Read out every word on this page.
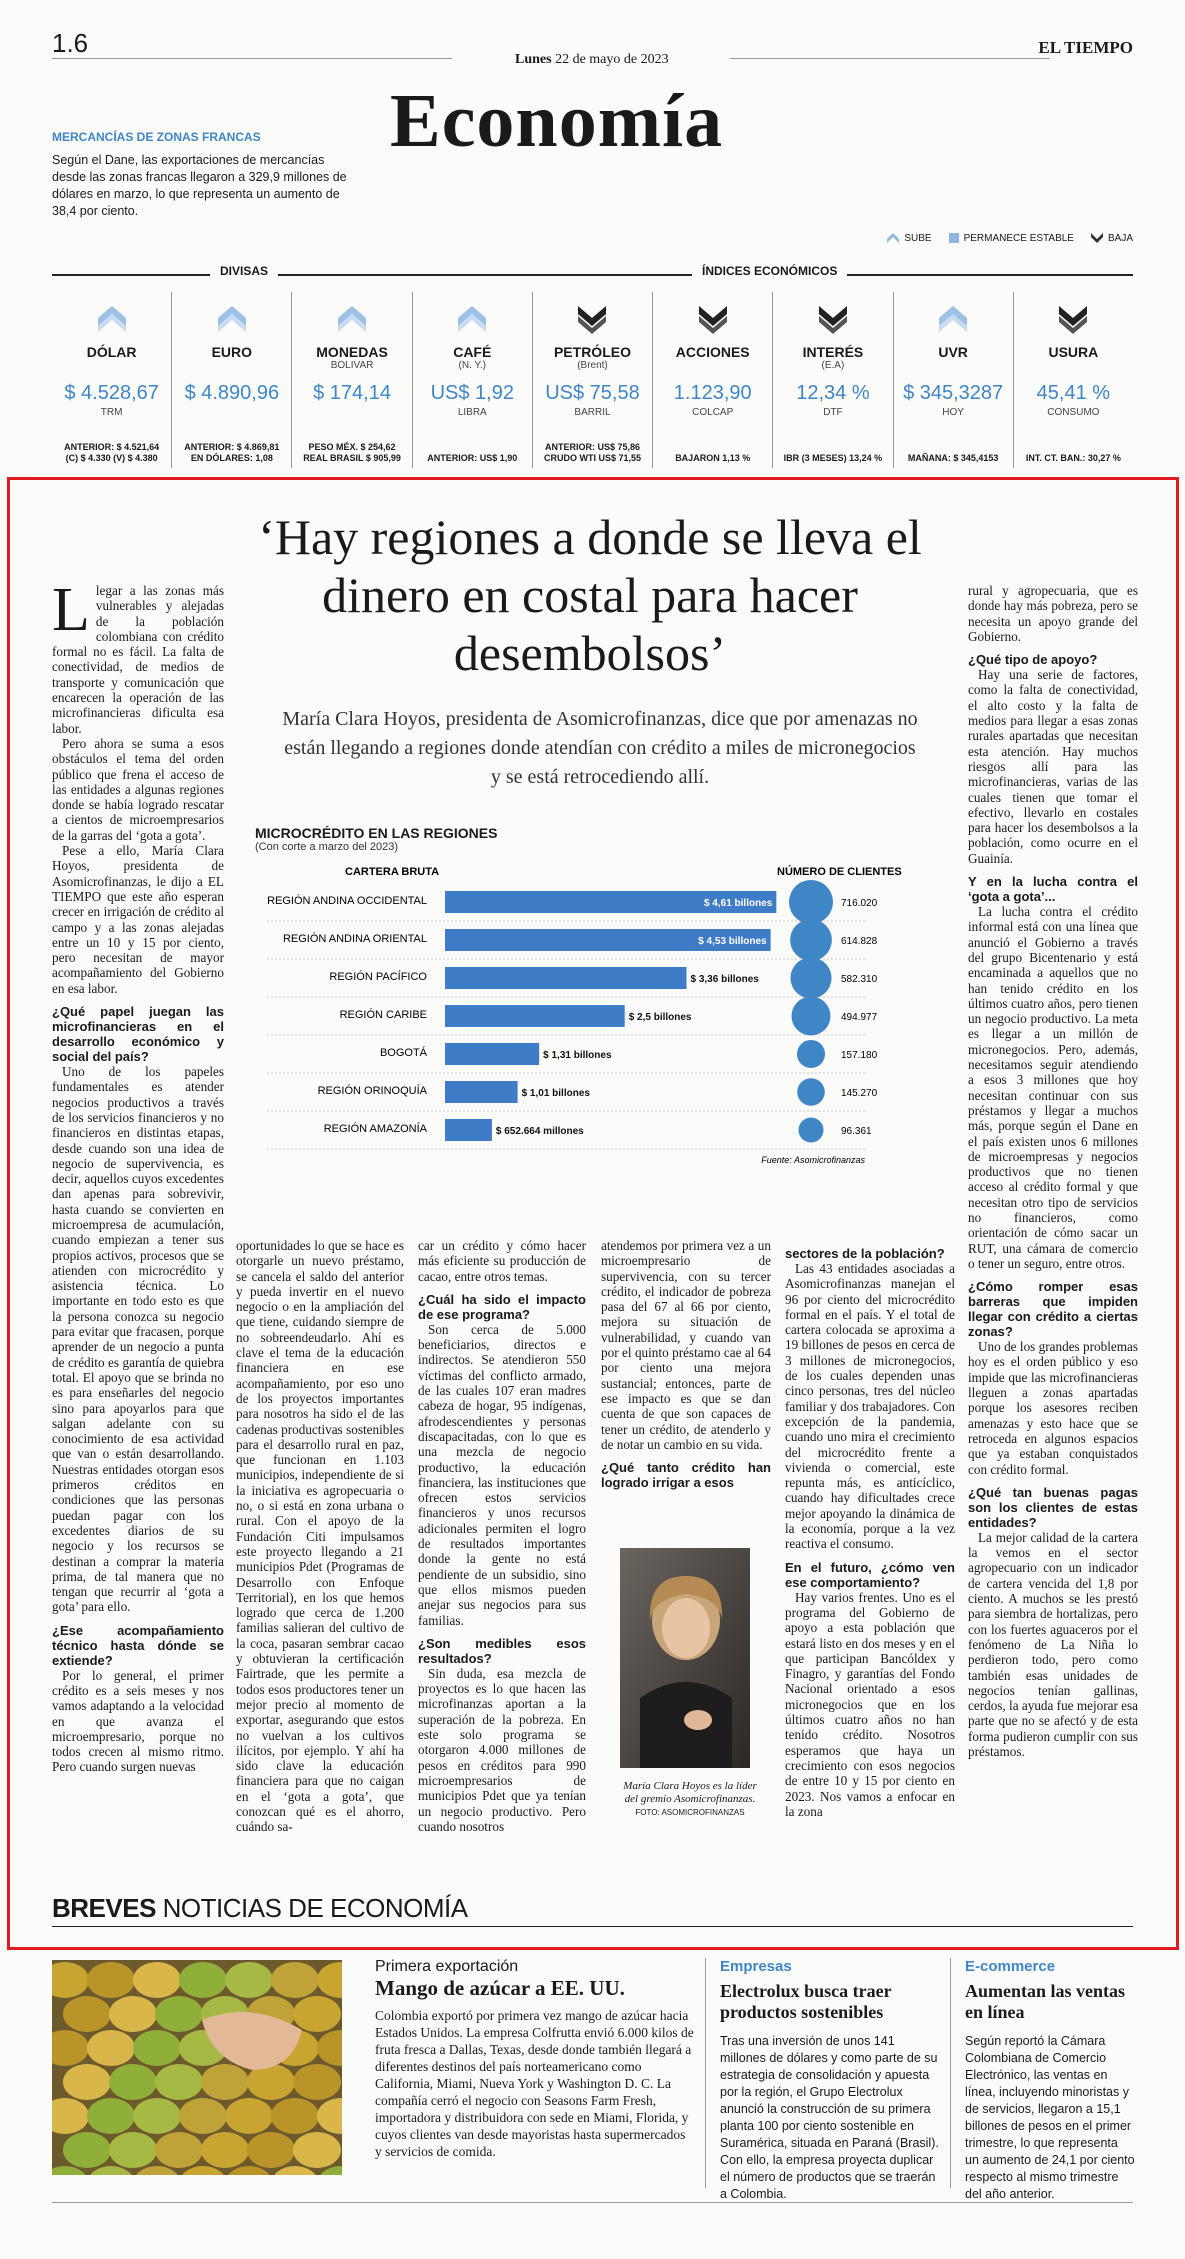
1.6
Lunes 22 de mayo de 2023
EL TIEMPO
Economía
MERCANCÍAS DE ZONAS FRANCAS
Según el Dane, las exportaciones de mercancías desde las zonas francas llegaron a 329,9 millones de dólares en marzo, lo que representa un aumento de 38,4 por ciento.
SUBE	PERMANECE ESTABLE	BAJA
DIVISAS	ÍNDICES ECONÓMICOS
DÓLAR
$ 4.528,67
TRM
ANTERIOR: $ 4.521,64
(C) $ 4.330 (V) $ 4.380
EURO
$ 4.890,96
ANTERIOR: $ 4.869,81
EN DÓLARES: 1,08
MONEDAS
BOLIVAR
$ 174,14
PESO MÉX. $ 254,62
REAL BRASIL $ 905,99
CAFÉ
(N. Y.)
US$ 1,92
LIBRA
ANTERIOR: US$ 1,90
PETRÓLEO
(Brent)
US$ 75,58
BARRIL
ANTERIOR: US$ 75,86
CRUDO WTI US$ 71,55
ACCIONES
1.123,90
COLCAP
BAJARON 1,13 %
INTERÉS
(E.A)
12,34 %
DTF
IBR (3 MESES) 13,24 %
UVR
$ 345,3287
HOY
MAÑANA: $ 345,4153
USURA
45,41 %
CONSUMO
INT. CT. BAN.: 30,27 %
‘Hay regiones a donde se lleva el dinero en costal para hacer desembolsos’
María Clara Hoyos, presidenta de Asomicrofinanzas, dice que por amenazas no están llegando a regiones donde atendían con crédito a miles de micronegocios y se está retrocediendo allí.
L legar a las zonas más vulnerables y alejadas de la población colombiana con crédito formal no es fácil. La falta de conectividad, de medios de transporte y comunicación que encarecen la operación de las microfinancieras dificulta esa labor.

Pero ahora se suma a esos obstáculos el tema del orden público que frena el acceso de las entidades a algunas regiones donde se había logrado rescatar a cientos de microempresarios de la garras del ‘gota a gota’.

Pese a ello, María Clara Hoyos, presidenta de Asomicrofinanzas, le dijo a EL TIEMPO que este año esperan crecer en irrigación de crédito al campo y a las zonas alejadas entre un 10 y 15 por ciento, pero necesitan de mayor acompañamiento del Gobierno en esa labor.

¿Qué papel juegan las microfinancieras en el desarrollo económico y social del país?

Uno de los papeles fundamentales es atender negocios productivos a través de los servicios financieros y no financieros en distintas etapas, desde cuando son una idea de negocio de supervivencia, es decir, aquellos cuyos excedentes dan apenas para sobrevivir, hasta cuando se convierten en microempresa de acumulación, cuando empiezan a tener sus propios activos, procesos que se atienden con microcrédito y asistencia técnica. Lo importante en todo esto es que la persona conozca su negocio para evitar que fracasen, porque aprender de un negocio a punta de crédito es garantía de quiebra total. El apoyo que se brinda no es para enseñarles del negocio sino para apoyarlos para que salgan adelante con su conocimiento de esa actividad que van o están desarrollando. Nuestras entidades otorgan esos primeros créditos en condiciones que las personas puedan pagar con los excedentes diarios de su negocio y los recursos se destinan a comprar la materia prima, de tal manera que no tengan que recurrir al ‘gota a gota’ para ello.

¿Ese acompañamiento técnico hasta dónde se extiende?

Por lo general, el primer crédito es a seis meses y nos vamos adaptando a la velocidad en que avanza el microempresario, porque no todos crecen al mismo ritmo. Pero cuando surgen nuevas

oportunidades lo que se hace es otorgarle un nuevo préstamo, se cancela el saldo del anterior y pueda invertir en el nuevo negocio o en la ampliación del que tiene, cuidando siempre de no sobreendeudarlo. Ahí es clave el tema de la educación financiera en ese acompañamiento, por eso uno de los proyectos importantes para nosotros ha sido el de las cadenas productivas sostenibles para el desarrollo rural en paz, que funcionan en 1.103 municipios, independiente de si la iniciativa es agropecuaria o no, o si está en zona urbana o rural. Con el apoyo de la Fundación Citi impulsamos este proyecto llegando a 21 municipios Pdet (Programas de Desarrollo con Enfoque Territorial), en los que hemos logrado que cerca de 1.200 familias salieran del cultivo de la coca, pasaran sembrar cacao y obtuvieran la certificación Fairtrade, que les permite a todos esos productores tener un mejor precio al momento de exportar, asegurando que estos no vuelvan a los cultivos ilícitos, por ejemplo. Y ahí ha sido clave la educación financiera para que no caigan en el ‘gota a gota’, que conozcan qué es el ahorro, cuándo sa-

car un crédito y cómo hacer más eficiente su producción de cacao, entre otros temas.

¿Cuál ha sido el impacto de ese programa?

Son cerca de 5.000 beneficiarios, directos e indirectos. Se atendieron 550 víctimas del conflicto armado, de las cuales 107 eran madres cabeza de hogar, 95 indígenas, afrodescendientes y personas discapacitadas, con lo que es una mezcla de negocio productivo, la educación financiera, las instituciones que ofrecen estos servicios financieros y unos recursos adicionales permiten el logro de resultados importantes donde la gente no está pendiente de un subsidio, sino que ellos mismos pueden anejar sus negocios para sus familias.

¿Son medibles esos resultados?

Sin duda, esa mezcla de proyectos es lo que hacen las microfinanzas aportan a la superación de la pobreza. En este solo programa se otorgaron 4.000 millones de pesos en créditos para 990 microempresarios de municipios Pdet que ya tenían un negocio productivo. Pero cuando nosotros

atendemos por primera vez a un microempresario de supervivencia, con su tercer crédito, el indicador de pobreza pasa del 67 al 66 por ciento, mejora su situación de vulnerabilidad, y cuando van por el quinto préstamo cae al 64 por ciento una mejora sustancial; entonces, parte de ese impacto es que se dan cuenta de que son capaces de tener un crédito, de atenderlo y de notar un cambio en su vida.

¿Qué tanto crédito han logrado irrigar a esos
sectores de la población?

Las 43 entidades asociadas a Asomicrofinanzas manejan el 96 por ciento del microcrédito formal en el país. Y el total de cartera colocada se aproxima a 19 billones de pesos en cerca de 3 millones de micronegocios, de los cuales dependen unas cinco personas, tres del núcleo familiar y dos trabajadores. Con excepción de la pandemia, cuando uno mira el crecimiento del microcrédito frente a vivienda o comercial, este repunta más, es anticíclico, cuando hay dificultades crece mejor apoyando la dinámica de la economía, porque a la vez reactiva el consumo.

En el futuro, ¿cómo ven ese comportamiento?

Hay varios frentes. Uno es el programa del Gobierno de apoyo a esta población que estará listo en dos meses y en el que participan Bancóldex y Finagro, y garantías del Fondo Nacional orientado a esos micronegocios que en los últimos cuatro años no han tenido crédito. Nosotros esperamos que haya un crecimiento con esos negocios de entre 10 y 15 por ciento en 2023. Nos vamos a enfocar en la zona

rural y agropecuaria, que es donde hay más pobreza, pero se necesita un apoyo grande del Gobierno.

¿Qué tipo de apoyo?

Hay una serie de factores, como la falta de conectividad, el alto costo y la falta de medios para llegar a esas zonas rurales apartadas que necesitan esta atención. Hay muchos riesgos allí para las microfinancieras, varias de las cuales tienen que tomar el efectivo, llevarlo en costales para hacer los desembolsos a la población, como ocurre en el Guainía.

Y en la lucha contra el ‘gota a gota’...

La lucha contra el crédito informal está con una línea que anunció el Gobierno a través del grupo Bicentenario y está encaminada a aquellos que no han tenido crédito en los últimos cuatro años, pero tienen un negocio productivo. La meta es llegar a un millón de micronegocios. Pero, además, necesitamos seguir atendiendo a esos 3 millones que hoy necesitan continuar con sus préstamos y llegar a muchos más, porque según el Dane en el país existen unos 6 millones de microempresas y negocios productivos que no tienen acceso al crédito formal y que necesitan otro tipo de servicios no financieros, como orientación de cómo sacar un RUT, una cámara de comercio o tener un seguro, entre otros.

¿Cómo romper esas barreras que impiden llegar con crédito a ciertas zonas?

Uno de los grandes problemas hoy es el orden público y eso impide que las microfinancieras lleguen a zonas apartadas porque los asesores reciben amenazas y esto hace que se retroceda en algunos espacios que ya estaban conquistados con crédito formal.

¿Qué tan buenas pagas son los clientes de estas entidades?

La mejor calidad de la cartera la vemos en el sector agropecuario con un indicador de cartera vencida del 1,8 por ciento. A muchos se les prestó para siembra de hortalizas, pero con los fuertes aguaceros por el fenómeno de La Niña lo perdieron todo, pero como también esas unidades de negocios tenían gallinas, cerdos, la ayuda fue mejorar esa parte que no se afectó y de esta forma pudieron cumplir con sus préstamos.

MICROCRÉDITO EN LAS REGIONES
(Con corte a marzo del 2023)
CARTERA BRUTA	NÚMERO DE CLIENTES
REGIÓN ANDINA OCCIDENTAL	$ 4,61 billones	716.020
REGIÓN ANDINA ORIENTAL	$ 4,53 billones	614.828
REGIÓN PACÍFICO	$ 3,36 billones	582.310
REGIÓN CARIBE	$ 2,5 billones	494.977
BOGOTÁ	$ 1,31 billones	157.180
REGIÓN ORINOQUÍA	$ 1,01 billones	145.270
REGIÓN AMAZONÍA	$ 652.664 millones	96.361
Fuente: Asomicrofinanzas
María Clara Hoyos es la líder del gremio Asomicrofinanzas.
FOTO: ASOMICROFINANZAS
BREVES NOTICIAS DE ECONOMÍA
Primera exportación
Mango de azúcar a EE. UU.
Colombia exportó por primera vez mango de azúcar hacia Estados Unidos. La empresa Colfrutta envió 6.000 kilos de fruta fresca a Dallas, Texas, desde donde también llegará a diferentes destinos del país norteamericano como California, Miami, Nueva York y Washington D. C. La compañía cerró el negocio con Seasons Farm Fresh, importadora y distribuidora con sede en Miami, Florida, y cuyos clientes van desde mayoristas hasta supermercados y servicios de comida.
Empresas
Electrolux busca traer productos sostenibles
Tras una inversión de unos 141 millones de dólares y como parte de su estrategia de consolidación y apuesta por la región, el Grupo Electrolux anunció la construcción de su primera planta 100 por ciento sostenible en Suramérica, situada en Paraná (Brasil). Con ello, la empresa proyecta duplicar el número de productos que se traerán a Colombia.
E-commerce
Aumentan las ventas en línea
Según reportó la Cámara Colombiana de Comercio Electrónico, las ventas en línea, incluyendo minoristas y de servicios, llegaron a 15,1 billones de pesos en el primer trimestre, lo que representa un aumento de 24,1 por ciento respecto al mismo trimestre del año anterior.
